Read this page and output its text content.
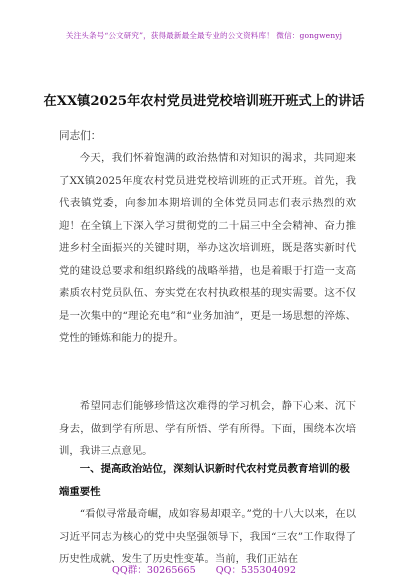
关注头条号“公文研究”，获得最新最全最专业的公文资料库！ 微信：gongwenyj
在XX镇2025年农村党员进党校培训班开班式上的讲话
同志们：

今天，我们怀着饱满的政治热情和对知识的渴求，共同迎来了XX镇2025年度农村党员进党校培训班的正式开班。首先，我代表镇党委，向参加本期培训的全体党员同志们表示热烈的欢迎！在全镇上下深入学习贯彻党的二十届三中全会精神、奋力推进乡村全面振兴的关键时期，举办这次培训班，既是落实新时代党的建设总要求和组织路线的战略举措，也是着眼于打造一支高素质农村党员队伍、夯实党在农村执政根基的现实需要。这不仅是一次集中的“理论充电”和“业务加油”，更是一场思想的淬炼、党性的锤炼和能力的提升。

希望同志们能够珍惜这次难得的学习机会，静下心来、沉下身去，做到学有所思、学有所悟、学有所得。下面，围绕本次培训，我讲三点意见。

一、提高政治站位，深刻认识新时代农村党员教育培训的极端重要性

“看似寻常最奇崛，成如容易却艰辛。”党的十八大以来，在以习近平同志为核心的党中央坚强领导下，我国“三农”工作取得了历史性成就、发生了历史性变革。当前，我们正站在

QQ群：30265665 QQ：535304092
